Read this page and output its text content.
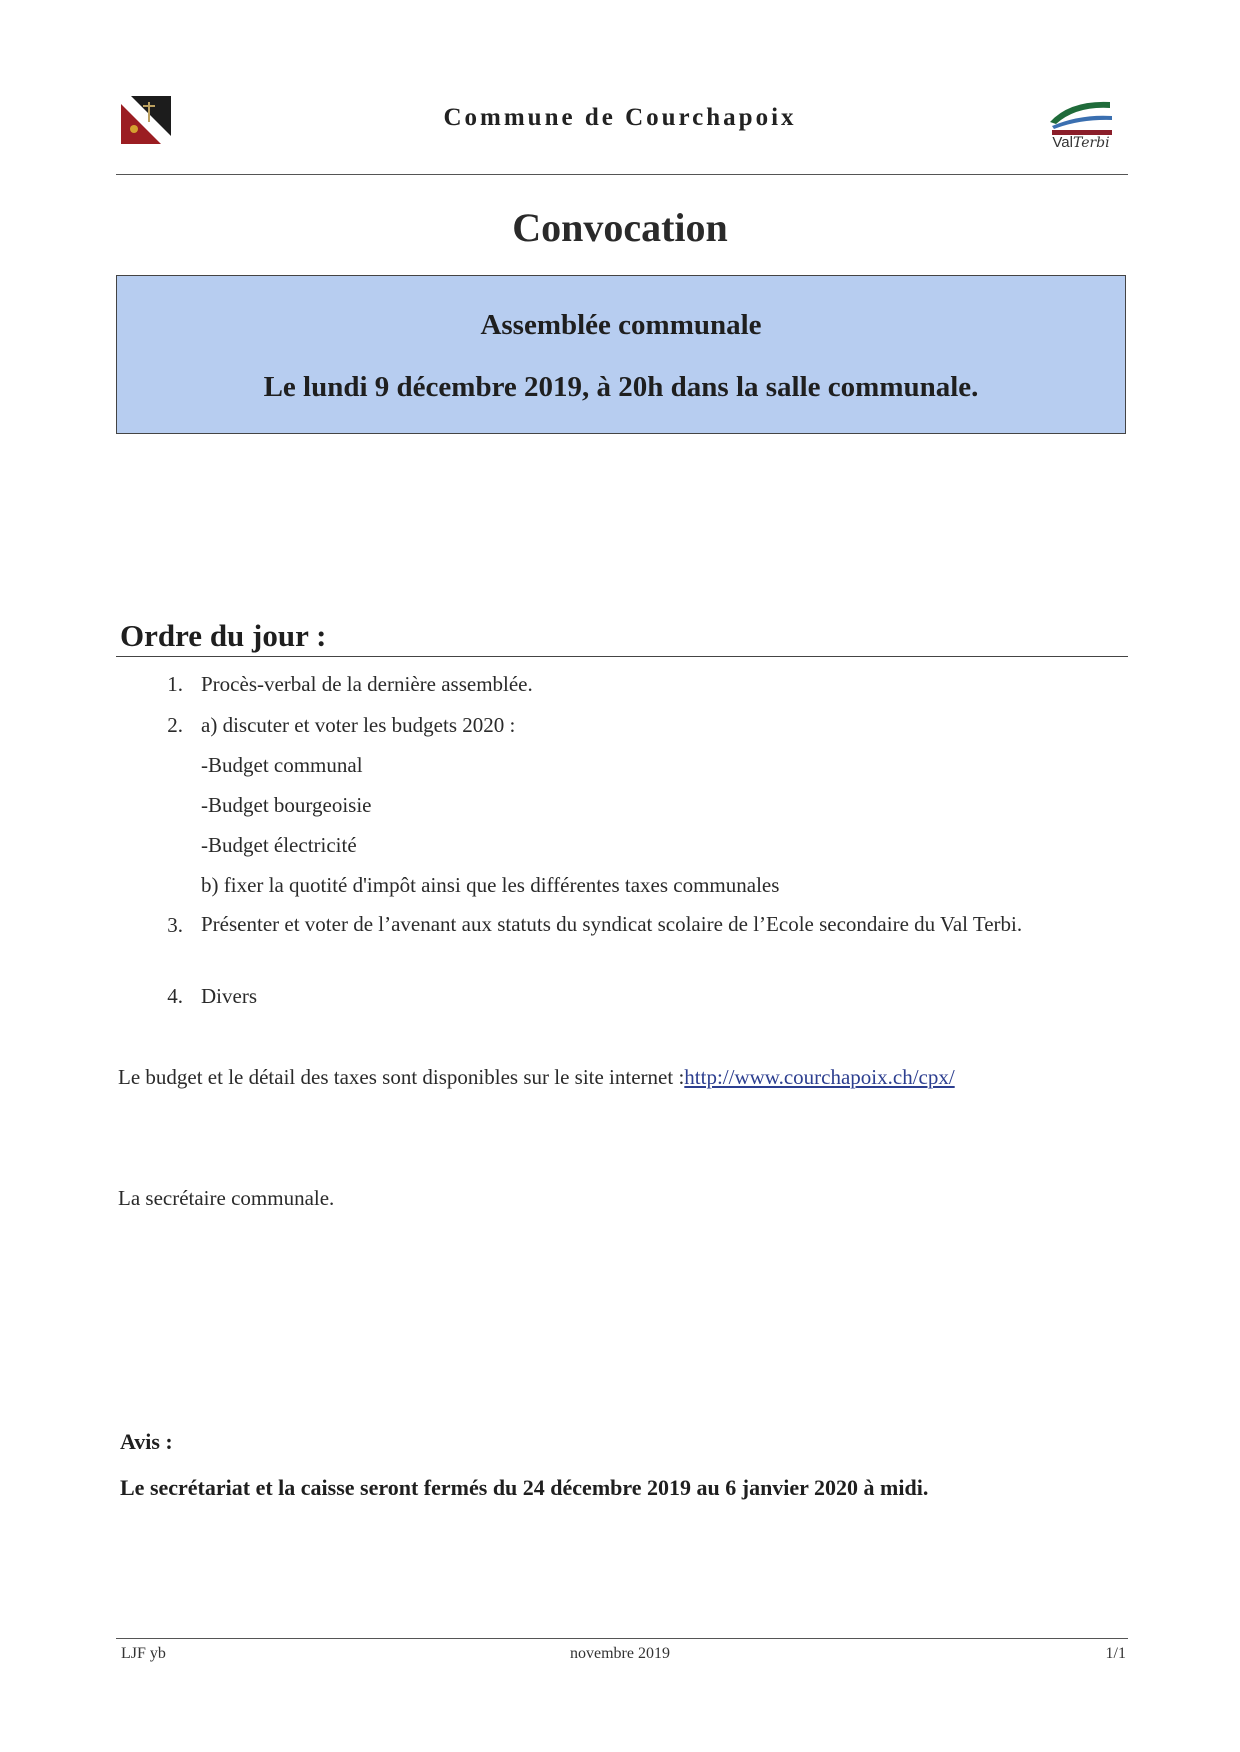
Commune de Courchapoix
ValTerbi
Convocation
Assemblée communale
Le lundi 9 décembre 2019, à 20h dans la salle communale.
Ordre du jour :
1. Procès-verbal de la dernière assemblée.
2. a) discuter et voter les budgets 2020 :
-Budget communal
-Budget bourgeoisie
-Budget électricité
b) fixer la quotité d'impôt ainsi que les différentes taxes communales
3. Présenter et voter de l’avenant aux statuts du syndicat scolaire de l’Ecole secondaire du Val Terbi.
4. Divers
Le budget et le détail des taxes sont disponibles sur le site internet :http://www.courchapoix.ch/cpx/
La secrétaire communale.
Avis :
Le secrétariat et la caisse seront fermés du 24 décembre 2019 au 6 janvier 2020 à midi.
LJF yb	novembre 2019	1/1
